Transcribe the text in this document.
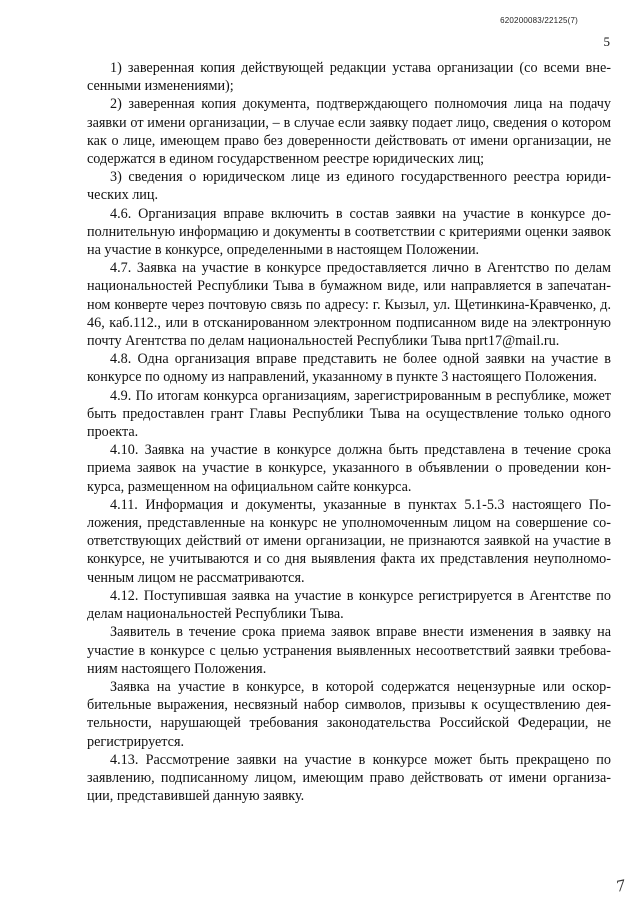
620200083/22125(7)
5

1) заверенная копия действующей редакции устава организации (со всеми внесенными изменениями);

2) заверенная копия документа, подтверждающего полномочия лица на подачу заявки от имени организации, – в случае если заявку подает лицо, сведения о котором как о лице, имеющем право без доверенности действовать от имени организации, не содержатся в едином государственном реестре юридических лиц;

3) сведения о юридическом лице из единого государственного реестра юридических лиц.

4.6. Организация вправе включить в состав заявки на участие в конкурсе дополнительную информацию и документы в соответствии с критериями оценки заявок на участие в конкурсе, определенными в настоящем Положении.

4.7. Заявка на участие в конкурсе предоставляется лично в Агентство по делам национальностей Республики Тыва в бумажном виде, или направляется в запечатанном конверте через почтовую связь по адресу: г. Кызыл, ул. Щетинкина-Кравченко, д. 46, каб.112., или в отсканированном электронном подписанном виде на электронную почту Агентства по делам национальностей Республики Тыва nprt17@mail.ru.

4.8. Одна организация вправе представить не более одной заявки на участие в конкурсе по одному из направлений, указанному в пункте 3 настоящего Положения.

4.9. По итогам конкурса организациям, зарегистрированным в республике, может быть предоставлен грант Главы Республики Тыва на осуществление только одного проекта.

4.10. Заявка на участие в конкурсе должна быть представлена в течение срока приема заявок на участие в конкурсе, указанного в объявлении о проведении конкурса, размещенном на официальном сайте конкурса.

4.11. Информация и документы, указанные в пунктах 5.1-5.3 настоящего Положения, представленные на конкурс не уполномоченным лицом на совершение соответствующих действий от имени организации, не признаются заявкой на участие в конкурсе, не учитываются и со дня выявления факта их представления неуполномоченным лицом не рассматриваются.

4.12. Поступившая заявка на участие в конкурсе регистрируется в Агентстве по делам национальностей Республики Тыва.

Заявитель в течение срока приема заявок вправе внести изменения в заявку на участие в конкурсе с целью устранения выявленных несоответствий заявки требованиям настоящего Положения.

Заявка на участие в конкурсе, в которой содержатся нецензурные или оскорбительные выражения, несвязный набор символов, призывы к осуществлению деятельности, нарушающей требования законодательства Российской Федерации, не регистрируется.

4.13. Рассмотрение заявки на участие в конкурсе может быть прекращено по заявлению, подписанному лицом, имеющим право действовать от имени организации, представившей данную заявку.

7
